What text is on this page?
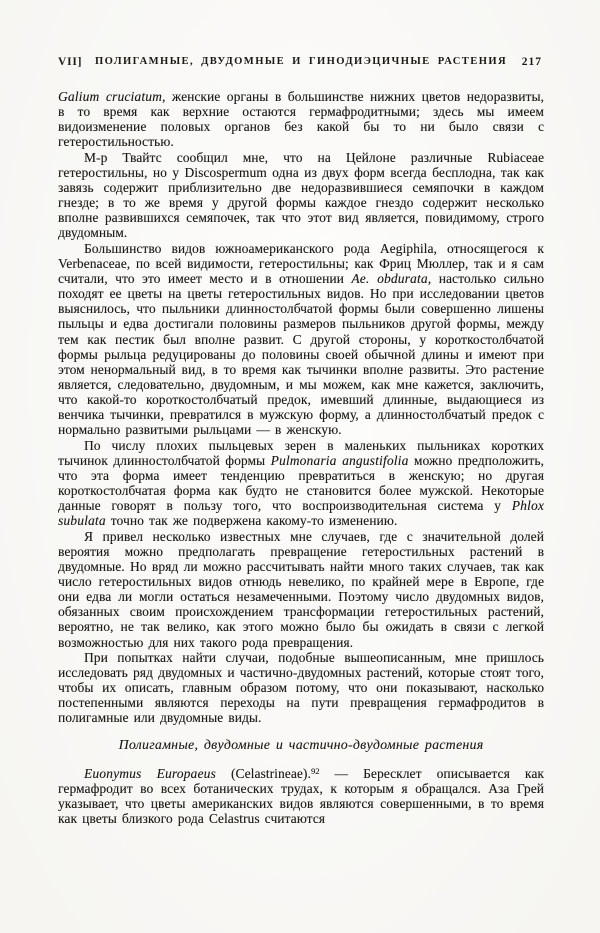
VII]	ПОЛИГАМНЫЕ, ДВУДОМНЫЕ И ГИНОДИЭЦИЧНЫЕ РАСТЕНИЯ	217

Galium cruciatum, женские органы в большинстве нижних цветов недоразвиты, в то время как верхние остаются гермафродитными; здесь мы имеем видоизменение половых органов без какой бы то ни было связи с гетеростильностью.

М-р Твайтс сообщил мне, что на Цейлоне различные Rubiaceae гетеростильны, но у Discospermum одна из двух форм всегда бесплодна, так как завязь содержит приблизительно две недоразвившиеся семяпочки в каждом гнезде; в то же время у другой формы каждое гнездо содержит несколько вполне развившихся семяпочек, так что этот вид является, повидимому, строго двудомным.

Большинство видов южноамериканского рода Aegiphila, относящегося к Verbenaceae, по всей видимости, гетеростильны; как Фриц Мюллер, так и я сам считали, что это имеет место и в отношении Ae. obdurata, настолько сильно походят ее цветы на цветы гетеростильных видов. Но при исследовании цветов выяснилось, что пыльники длинностолбчатой формы были совершенно лишены пыльцы и едва достигали половины размеров пыльников другой формы, между тем как пестик был вполне развит. С другой стороны, у короткостолбчатой формы рыльца редуцированы до половины своей обычной длины и имеют при этом ненормальный вид, в то время как тычинки вполне развиты. Это растение является, следовательно, двудомным, и мы можем, как мне кажется, заключить, что какой-то короткостолбчатый предок, имевший длинные, выдающиеся из венчика тычинки, превратился в мужскую форму, а длинностолбчатый предок с нормально развитыми рыльцами — в женскую.

По числу плохих пыльцевых зерен в маленьких пыльниках коротких тычинок длинностолбчатой формы Pulmonaria angustifolia можно предположить, что эта форма имеет тенденцию превратиться в женскую; но другая короткостолбчатая форма как будто не становится более мужской. Некоторые данные говорят в пользу того, что воспроизводительная система у Phlox subulata точно так же подвержена какому-то изменению.

Я привел несколько известных мне случаев, где с значительной долей вероятия можно предполагать превращение гетеростильных растений в двудомные. Но вряд ли можно рассчитывать найти много таких случаев, так как число гетеростильных видов отнюдь невелико, по крайней мере в Европе, где они едва ли могли остаться незамеченными. Поэтому число двудомных видов, обязанных своим происхождением трансформации гетеростильных растений, вероятно, не так велико, как этого можно было бы ожидать в связи с легкой возможностью для них такого рода превращения.

При попытках найти случаи, подобные вышеописанным, мне пришлось исследовать ряд двудомных и частично-двудомных растений, которые стоят того, чтобы их описать, главным образом потому, что они показывают, насколько постепенными являются переходы на пути превращения гермафродитов в полигамные или двудомные виды.

Полигамные, двудомные и частично-двудомные растения

Euonymus Europaeus (Celastrineae).$^{92}$ — Бересклет описывается как гермафродит во всех ботанических трудах, к которым я обращался. Аза Грей указывает, что цветы американских видов являются совершенными, в то время как цветы близкого рода Celastrus считаются
